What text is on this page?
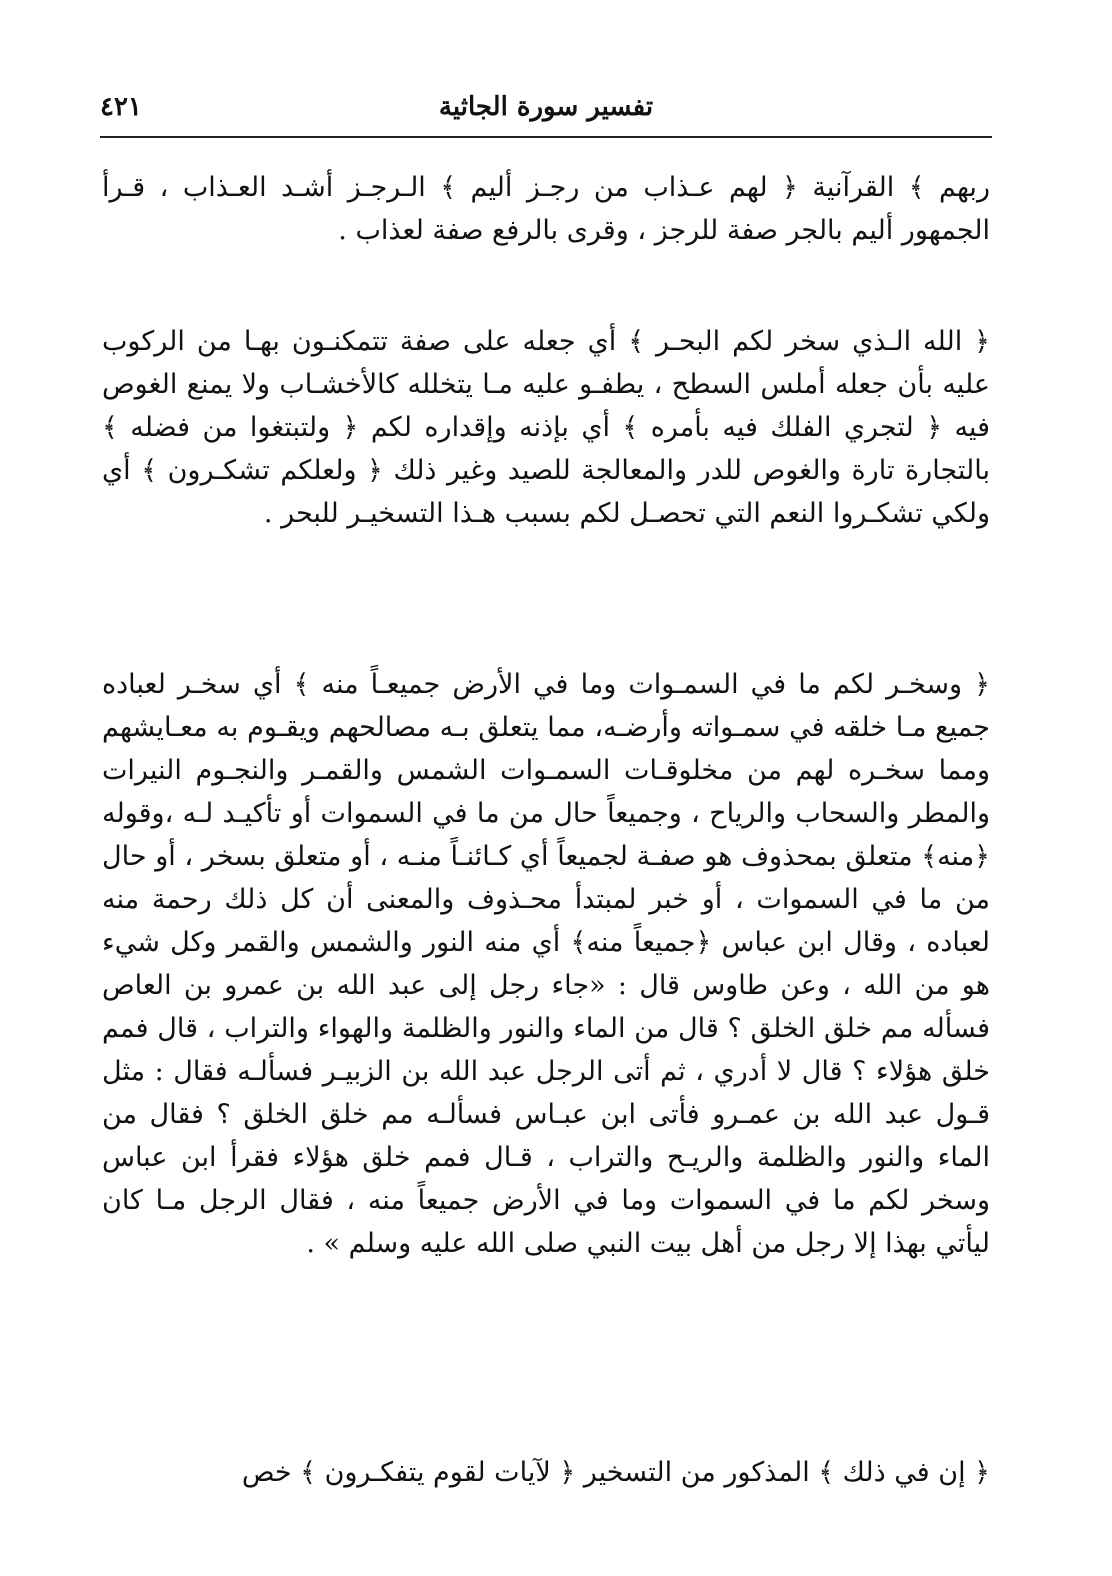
تفسير سورة الجاثية
٤٢١

ربهم ﴾ القرآنية ﴿ لهم عـذاب من رجـز أليم ﴾ الـرجـز أشـد العـذاب ، قـرأ الجمهور أليم بالجر صفة للرجز ، وقرى بالرفع صفة لعذاب .

﴿ الله الـذي سخر لكم البحـر ﴾ أي جعله على صفة تتمكنـون بهـا من الركوب عليه بأن جعله أملس السطح ، يطفـو عليه مـا يتخلله كالأخشـاب ولا يمنع الغوص فيه ﴿ لتجري الفلك فيه بأمره ﴾ أي بإذنه وإقداره لكم ﴿ ولتبتغوا من فضله ﴾ بالتجارة تارة والغوص للدر والمعالجة للصيد وغير ذلك ﴿ ولعلكم تشكـرون ﴾ أي ولكي تشكـروا النعم التي تحصـل لكم بسبب هـذا التسخيـر للبحر .

﴿ وسخـر لكم ما في السمـوات وما في الأرض جميعـاً منه ﴾ أي سخـر لعباده جميع مـا خلقه في سمـواته وأرضـه، مما يتعلق بـه مصالحهم ويقـوم به معـايشهم ومما سخـره لهم من مخلوقـات السمـوات الشمس والقمـر والنجـوم النيرات والمطر والسحاب والرياح ، وجميعاً حال من ما في السموات أو تأكيـد لـه ،وقوله ﴿منه﴾ متعلق بمحذوف هو صفـة لجميعاً أي كـائنـاً منـه ، أو متعلق بسخر ، أو حال من ما في السموات ، أو خبر لمبتدأ محـذوف والمعنى أن كل ذلك رحمة منه لعباده ، وقال ابن عباس ﴿جميعاً منه﴾ أي منه النور والشمس والقمر وكل شيء هو من الله ، وعن طاوس قال : «جاء رجل إلى عبد الله بن عمرو بن العاص فسأله مم خلق الخلق ؟ قال من الماء والنور والظلمة والهواء والتراب ، قال فمم خلق هؤلاء ؟ قال لا أدري ، ثم أتى الرجل عبد الله بن الزبيـر فسألـه فقال : مثل قـول عبد الله بن عمـرو فأتى ابن عبـاس فسألـه مم خلق الخلق ؟ فقال من الماء والنور والظلمة والريـح والتراب ، قـال فمم خلق هؤلاء فقرأ ابن عباس وسخر لكم ما في السموات وما في الأرض جميعاً منه ، فقال الرجل مـا كان ليأتي بهذا إلا رجل من أهل بيت النبي صلى الله عليه وسلم » .

﴿ إن في ذلك ﴾ المذكور من التسخير ﴿ لآيات لقوم يتفكـرون ﴾ خص
